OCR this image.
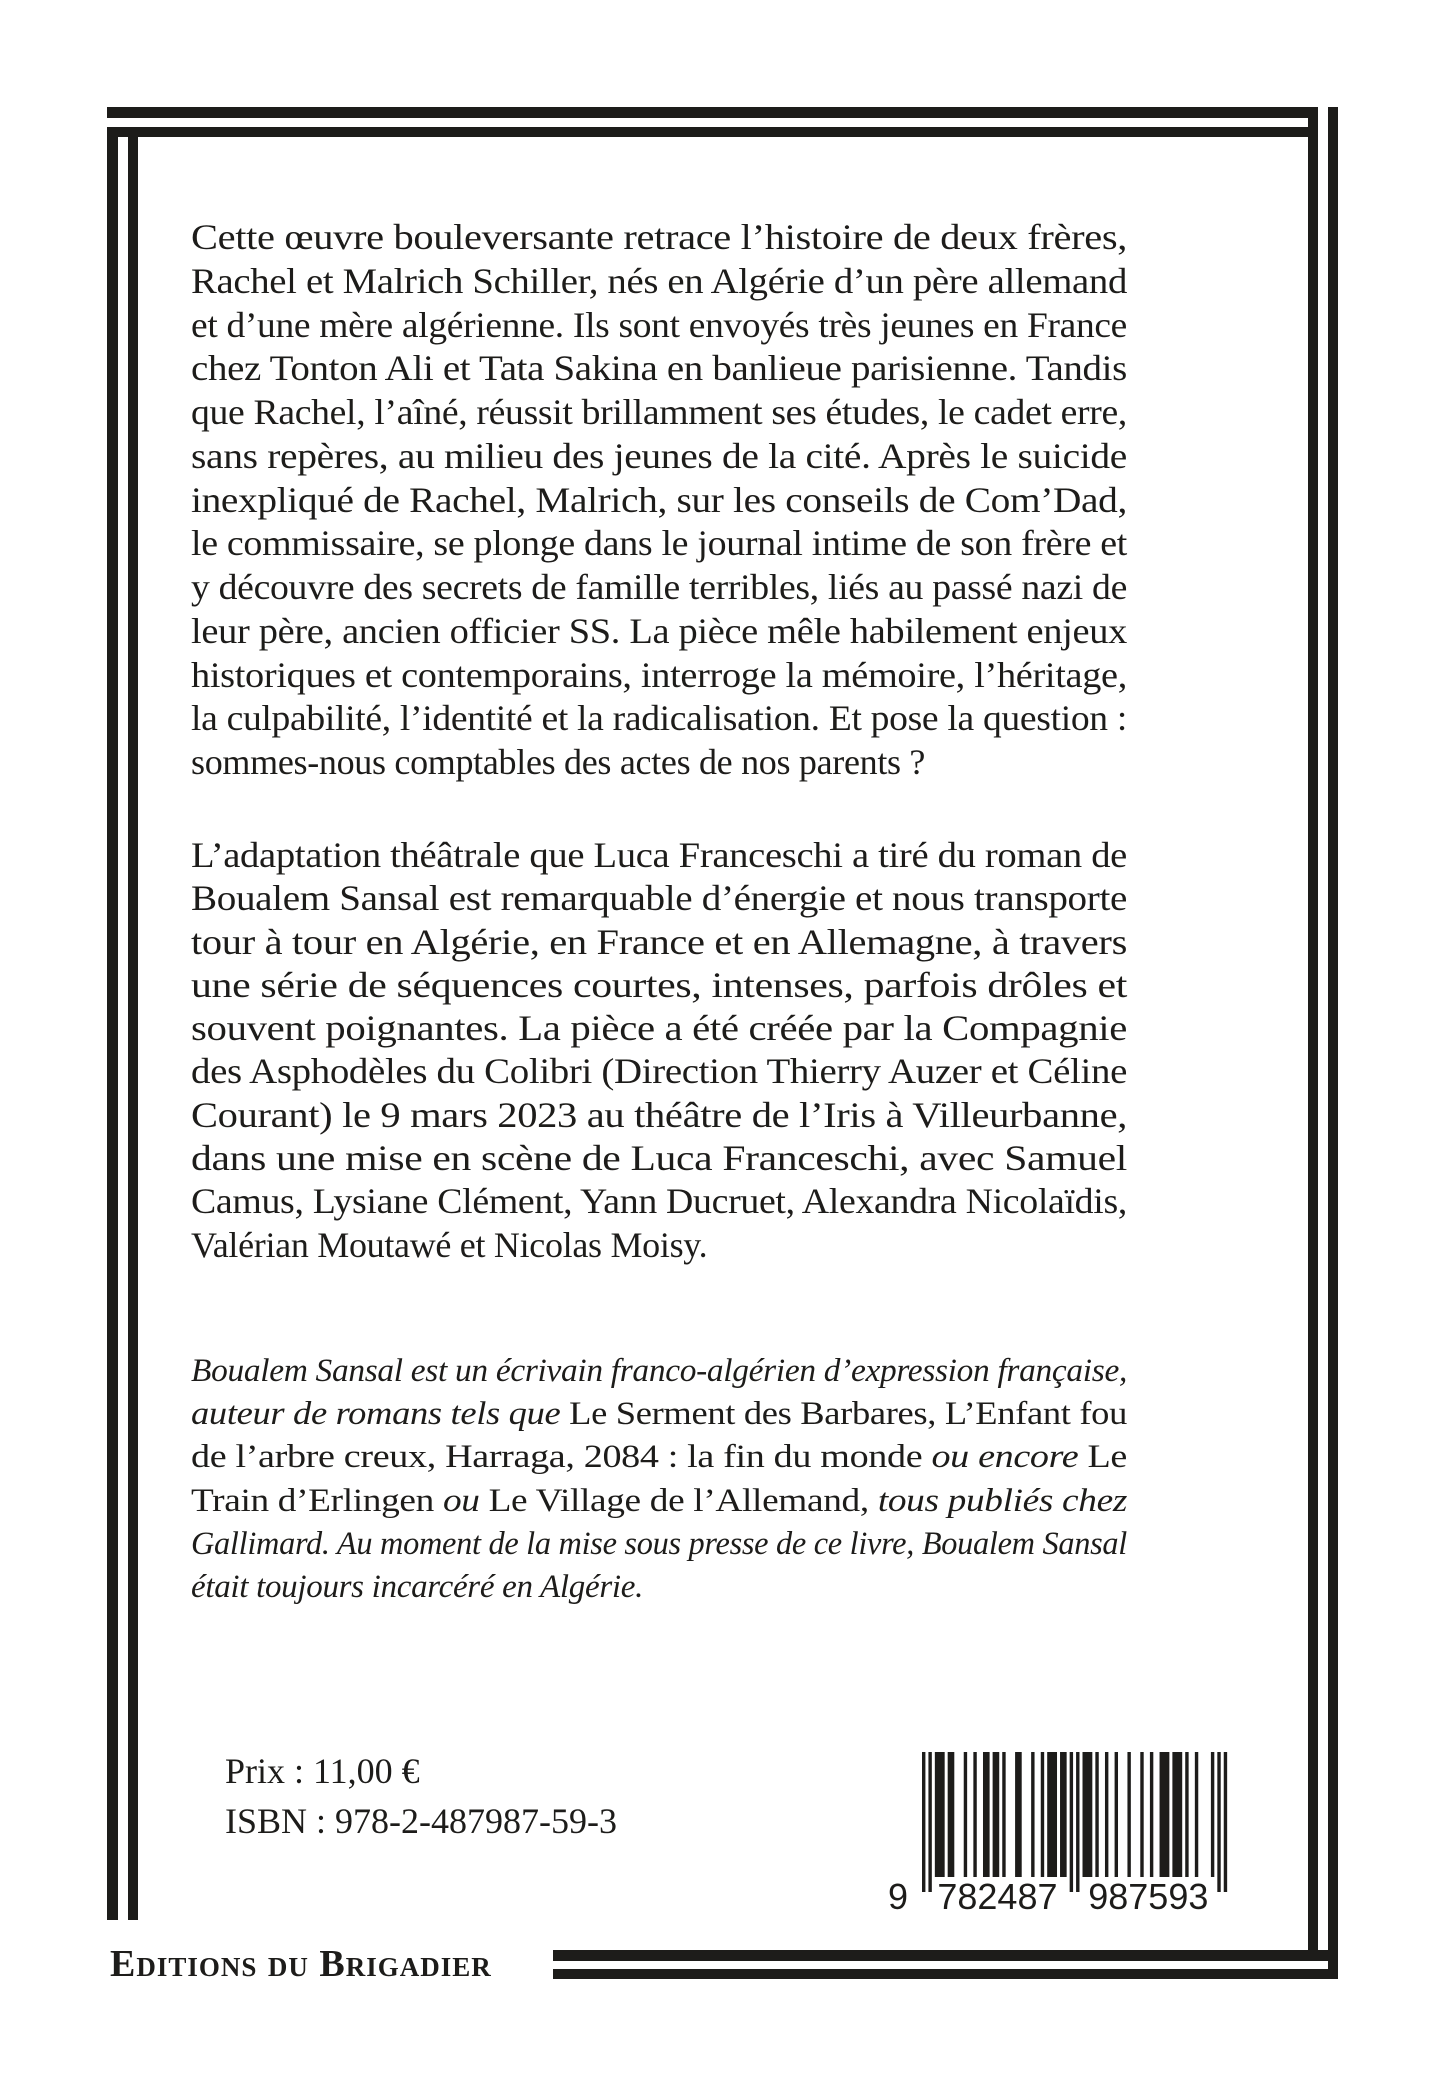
Cette œuvre bouleversante retrace l’histoire de deux frères,
Rachel et Malrich Schiller, nés en Algérie d’un père allemand
et d’une mère algérienne. Ils sont envoyés très jeunes en France
chez Tonton Ali et Tata Sakina en banlieue parisienne. Tandis
que Rachel, l’aîné, réussit brillamment ses études, le cadet erre,
sans repères, au milieu des jeunes de la cité. Après le suicide
inexpliqué de Rachel, Malrich, sur les conseils de Com’Dad,
le commissaire, se plonge dans le journal intime de son frère et
y découvre des secrets de famille terribles, liés au passé nazi de
leur père, ancien officier SS. La pièce mêle habilement enjeux
historiques et contemporains, interroge la mémoire, l’héritage,
la culpabilité, l’identité et la radicalisation. Et pose la question :
sommes-nous comptables des actes de nos parents ?
L’adaptation théâtrale que Luca Franceschi a tiré du roman de
Boualem Sansal est remarquable d’énergie et nous transporte
tour à tour en Algérie, en France et en Allemagne, à travers
une série de séquences courtes, intenses, parfois drôles et
souvent poignantes. La pièce a été créée par la Compagnie
des Asphodèles du Colibri (Direction Thierry Auzer et Céline
Courant) le 9 mars 2023 au théâtre de l’Iris à Villeurbanne,
dans une mise en scène de Luca Franceschi, avec Samuel
Camus, Lysiane Clément, Yann Ducruet, Alexandra Nicolaïdis,
Valérian Moutawé et Nicolas Moisy.
Boualem Sansal est un écrivain franco-algérien d’expression française,
auteur de romans tels que Le Serment des Barbares, L’Enfant fou
de l’arbre creux, Harraga, 2084 : la fin du monde ou encore Le
Train d’Erlingen ou Le Village de l’Allemand, tous publiés chez
Gallimard. Au moment de la mise sous presse de ce livre, Boualem Sansal
était toujours incarcéré en Algérie.
Prix : 11,00 €
ISBN : 978-2-487987-59-3
9 782487 987593
Editions du Brigadier
